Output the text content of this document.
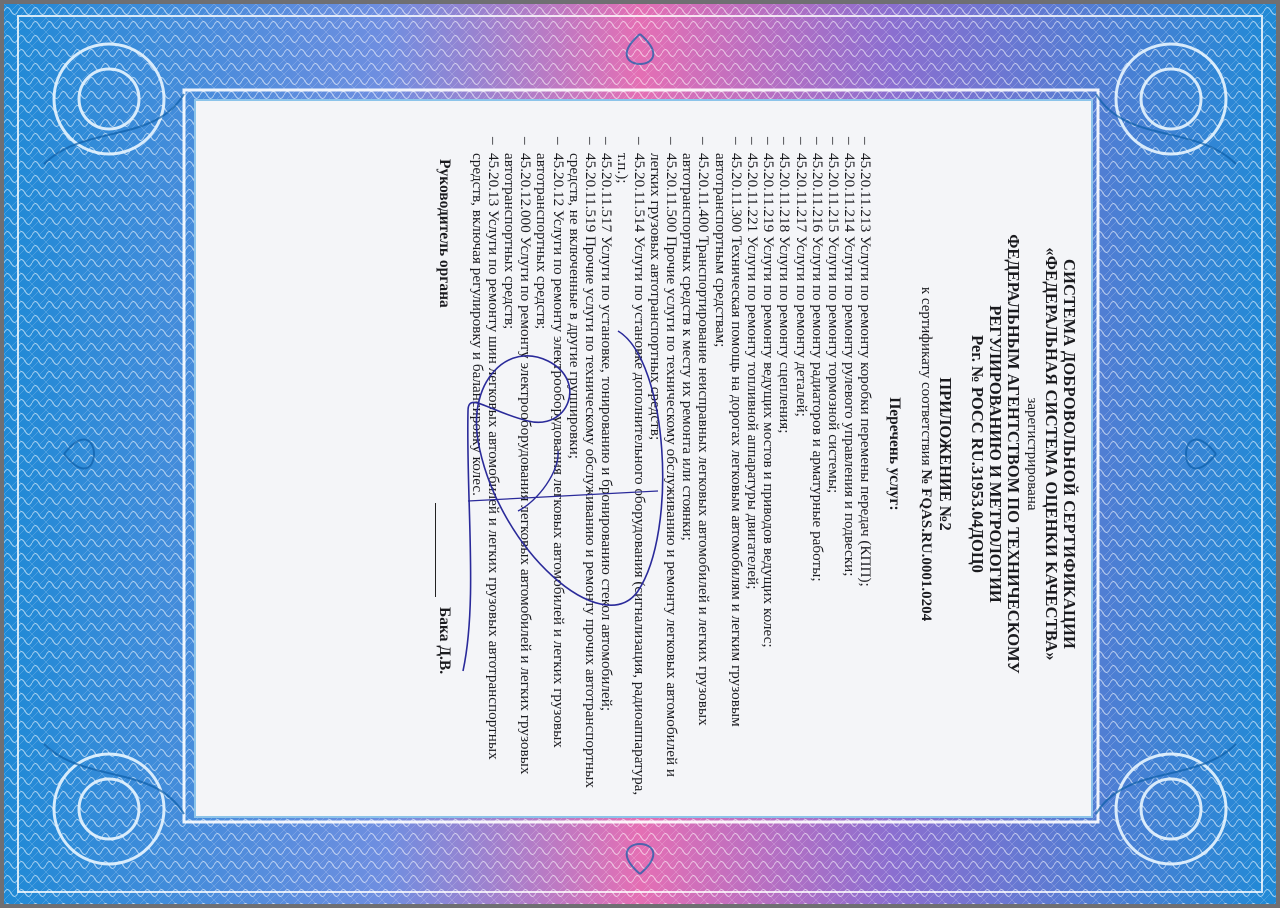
СИСТЕМА ДОБРОВОЛЬНОЙ СЕРТИФИКАЦИИ
«ФЕДЕРАЛЬНАЯ СИСТЕМА ОЦЕНКИ КАЧЕСТВА»
зарегистрирована
ФЕДЕРАЛЬНЫМ АГЕНТСТВОМ ПО ТЕХНИЧЕСКОМУ
РЕГУЛИРОВАНИЮ И МЕТРОЛОГИИ
Рег. № РОСС RU.31953.04ДОЦ0
ПРИЛОЖЕНИЕ №2
к сертификату соответствия № FQAS.RU.0001.0204
Перечень услуг:
–45.20.11.213 Услуги по ремонту коробки перемены передач (КПП);
–45.20.11.214 Услуги по ремонту рулевого управления и подвески;
–45.20.11.215 Услуги по ремонту тормозной системы;
–45.20.11.216 Услуги по ремонту радиаторов и арматурные работы;
–45.20.11.217 Услуги по ремонту деталей;
–45.20.11.218 Услуги по ремонту сцепления;
–45.20.11.219 Услуги по ремонту ведущих мостов и приводов ведущих колес;
–45.20.11.221 Услуги по ремонту топливной аппаратуры двигателей;
–45.20.11.300 Техническая помощь на дорогах легковым автомобилям и легким грузовым автотранспортным средствам;
–45.20.11.400 Транспортирование неисправных легковых автомобилей и легких грузовых автотранспортных средств к месту их ремонта или стоянки;
–45.20.11.500 Прочие услуги по техническому обслуживанию и ремонту легковых автомобилей и легких грузовых автотранспортных средств;
–45.20.11.514 Услуги по установке дополнительного оборудования (сигнализация, радиоаппаратура, т.п.);
–45.20.11.517 Услуги по установке, тонированию и бронированию стекол автомобилей;
–45.20.11.519 Прочие услуги по техническому обслуживанию и ремонту прочих автотранспортных средств, не включенные в другие группировки;
–45.20.12 Услуги по ремонту электрооборудования легковых автомобилей и легких грузовых автотранспортных средств;
–45.20.12.000 Услуги по ремонту электрооборудования легковых автомобилей и легких грузовых автотранспортных средств;
–45.20.13 Услуги по ремонту шин легковых автомобилей и легких грузовых автотранспортных средств, включая регулировку и балансировку колес.
Руководитель органа
Бака Д.В.
